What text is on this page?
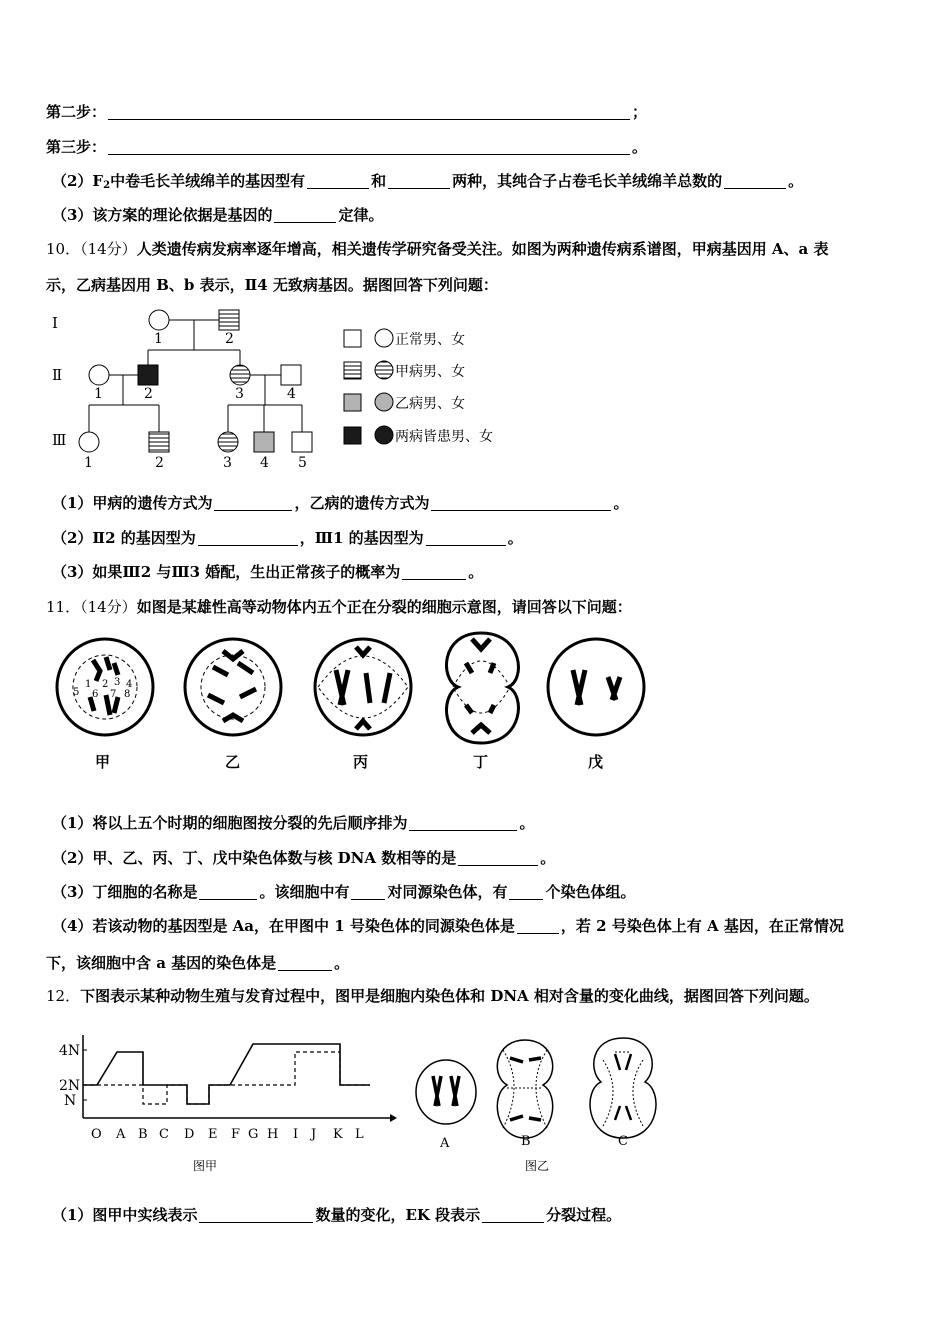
第二步：	；
第三步：	。
$(2)F_2$中卷毛长羊绒绵羊的基因型有	和	两种，其纯合子占卷毛长羊绒绵羊总数的	。
（3）该方案的理论依据是基因的	定律。
10．（14分）人类遗传病发病率逐年增高，相关遗传学研究备受关注。如图为两种遗传病系谱图，甲病基因用 A、a 表
示，乙病基因用 B、b 表示，Ⅱ4 无致病基因。据图回答下列问题：
Ⅰ
Ⅱ
Ⅲ
1	2
1	2	3	4
1	2	3 4 5
正常男、女
甲病男、女
乙病男、女
两病皆患男、女
（1）甲病的遗传方式为	，乙病的遗传方式为	。
（2）Ⅱ2 的基因型为	，Ⅲ1 的基因型为	。
（3）如果Ⅲ2 与Ⅲ3 婚配，生出正常孩子的概率为	。
11．（14分）如图是某雄性高等动物体内五个正在分裂的细胞示意图，请回答以下问题：
1 2 3 4
5 6 7 8
甲	乙	丙	丁	戊
（1）将以上五个时期的细胞图按分裂的先后顺序排为	。
（2）甲、乙、丙、丁、戊中染色体数与核 DNA 数相等的是	。
（3）丁细胞的名称是	。该细胞中有	对同源染色体，有	个染色体组。
（4）若该动物的基因型是 Aa，在甲图中 1 号染色体的同源染色体是	，若 2 号染色体上有 A 基因，在正常情况
下，该细胞中含 a 基因的染色体是	。
12．下图表示某种动物生殖与发育过程中，图甲是细胞内染色体和 DNA 相对含量的变化曲线，据图回答下列问题。
4N
2N
N
O A B C D E F G H I J K L
图甲
A	B	C
图乙
（1）图甲中实线表示	数量的变化，EK 段表示	分裂过程。
